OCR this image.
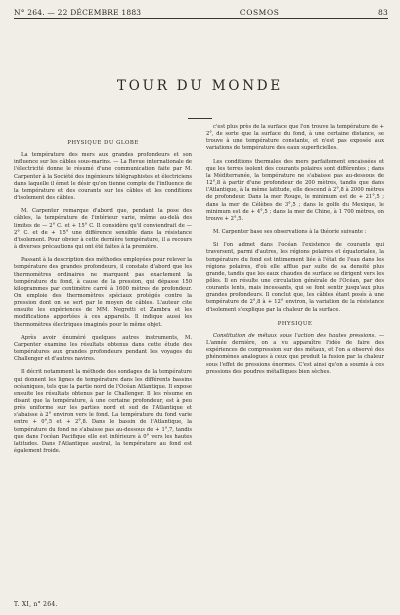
N° 264. — 22 DÉCEMBRE 1883	COSMOS	83
TOUR DU MONDE
PHYSIQUE DU GLOBE

La température des mers aux grandes profondeurs et son influence sur les câbles sous-marins. — La Revue internationale de l'électricité donne le résumé d'une communication faite par M. Carpenter à la Société des ingénieurs télégraphistes et électriciens dans laquelle il émet le désir qu'on tienne compte de l'influence de la température et des courants sur les câbles et les conditions d'isolement des câbles.

M. Carpenter remarque d'abord que, pendant la pose des câbles, la température de l'intérieur varie, même au-delà des limites de — 2° C. et + 15° C. Il considère qu'il conviendrait de — 2° C. et de + 15° une différence sensible dans la résistance d'isolement. Pour obvier à cette dernière température, il a recours à diverses précautions qui ont été faites à la première.

Passant à la description des méthodes employées pour relever la température des grandes profondeurs, il constate d'abord que les thermomètres ordinaires ne marquent pas exactement la température du fond, à cause de la pression, qui dépasse 150 kilogrammes par centimètre carré à 1600 mètres de profondeur. On emploie des thermomètres spéciaux protégés contre la pression dont on se sert par le moyen de câbles. L'auteur cite ensuite les expériences de MM. Negretti et Zambra et les modifications apportées à ces appareils. Il indique aussi les thermomètres électriques imaginés pour le même objet.

Après avoir énuméré quelques autres instruments, M. Carpenter examine les résultats obtenus dans cette étude des températures aux grandes profondeurs pendant les voyages du Challenger et d'autres navires.

Il décrit notamment la méthode des sondages de la température qui donnent les lignes de température dans les différents bassins océaniques, tels que la partie nord de l'Océan Atlantique. Il expose ensuite les résultats obtenus par le Challenger. Il les résume en disant que la température, à une certaine profondeur, est à peu près uniforme sur les parties nord et sud de l'Atlantique et s'abaisse à 2° environ vers le fond. La température du fond varie entre + 0°,5 et + 2°,8. Dans le bassin de l'Atlantique, la température du fond ne s'abaisse pas au-dessous de + 1°,7, tandis que dans l'océan Pacifique elle est inférieure à 0° vers les hautes latitudes. Dans l'Atlantique austral, la température au fond est également froide.

c'est plus près de la surface que l'on trouve la température de + 2°, de sorte que la surface du fond, à une certaine distance, se trouve à une température constante, et n'est pas exposée aux variations de température des eaux superficielles.

Les conditions thermales des mers parfaitement encaissées et que les terres isolent des courants polaires sont différentes ; dans la Méditerranée, la température ne s'abaisse pas au-dessous de 12°,8 à partir d'une profondeur de 200 mètres, tandis que dans l'Atlantique, à la même latitude, elle descend à 2°,8 à 2000 mètres de profondeur. Dans la mer Rouge, le minimum est de + 21°,5 ; dans la mer de Célèbes de 3°,5 ; dans le golfe du Mexique, le minimum est de + 4°,5 ; dans la mer de Chine, à 1 700 mètres, on trouve + 2°,5.

M. Carpenter base ses observations à la théorie suivante :

Si l'on admet dans l'océan l'existence de courants qui traversent, parmi d'autres, les régions polaires et équatoriales, la température du fond est intimement liée à l'état de l'eau dans les régions polaires, d'où elle afflue par suite de sa densité plus grande, tandis que les eaux chaudes de surface se dirigent vers les pôles. Il en résulte une circulation générale de l'Océan, par des courants lents, mais incessants, qui se font sentir jusqu'aux plus grandes profondeurs. Il conclut que, les câbles étant posés à une température de 2°,8 à + 12° environ, la variation de la résistance d'isolement s'explique par la chaleur de la surface.

PHYSIQUE

Constitution de métaux sous l'action des hautes pressions. — L'année dernière, on a vu apparaître l'idée de faire des expériences de compression sur des métaux, et l'on a observé des phénomènes analogues à ceux que produit la fusion par la chaleur sous l'effet de pressions énormes. C'est ainsi qu'on a soumis à ces pressions des poudres métalliques bien sèches.

T. XI, n° 264.
